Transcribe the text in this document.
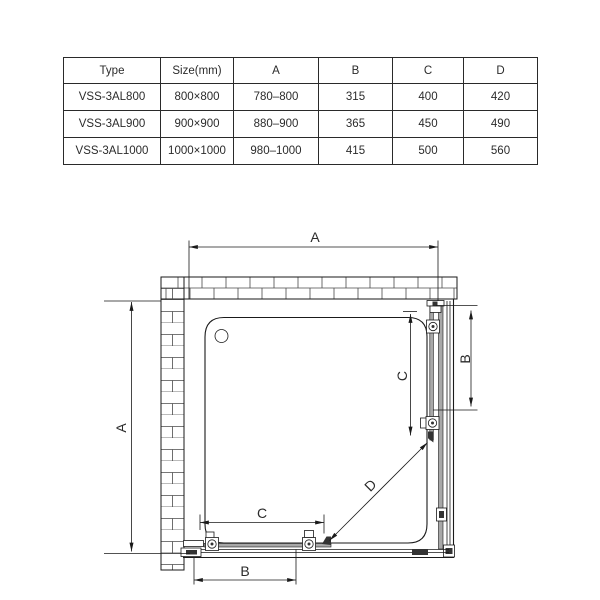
Type	Size(mm)	A	B	C	D
VSS-3AL800	800×800	780–800	315	400	420
VSS-3AL900	900×900	880–900	365	450	490
VSS-3AL1000	1000×1000	980–1000	415	500	560
A
A
B
C
C
B
D
